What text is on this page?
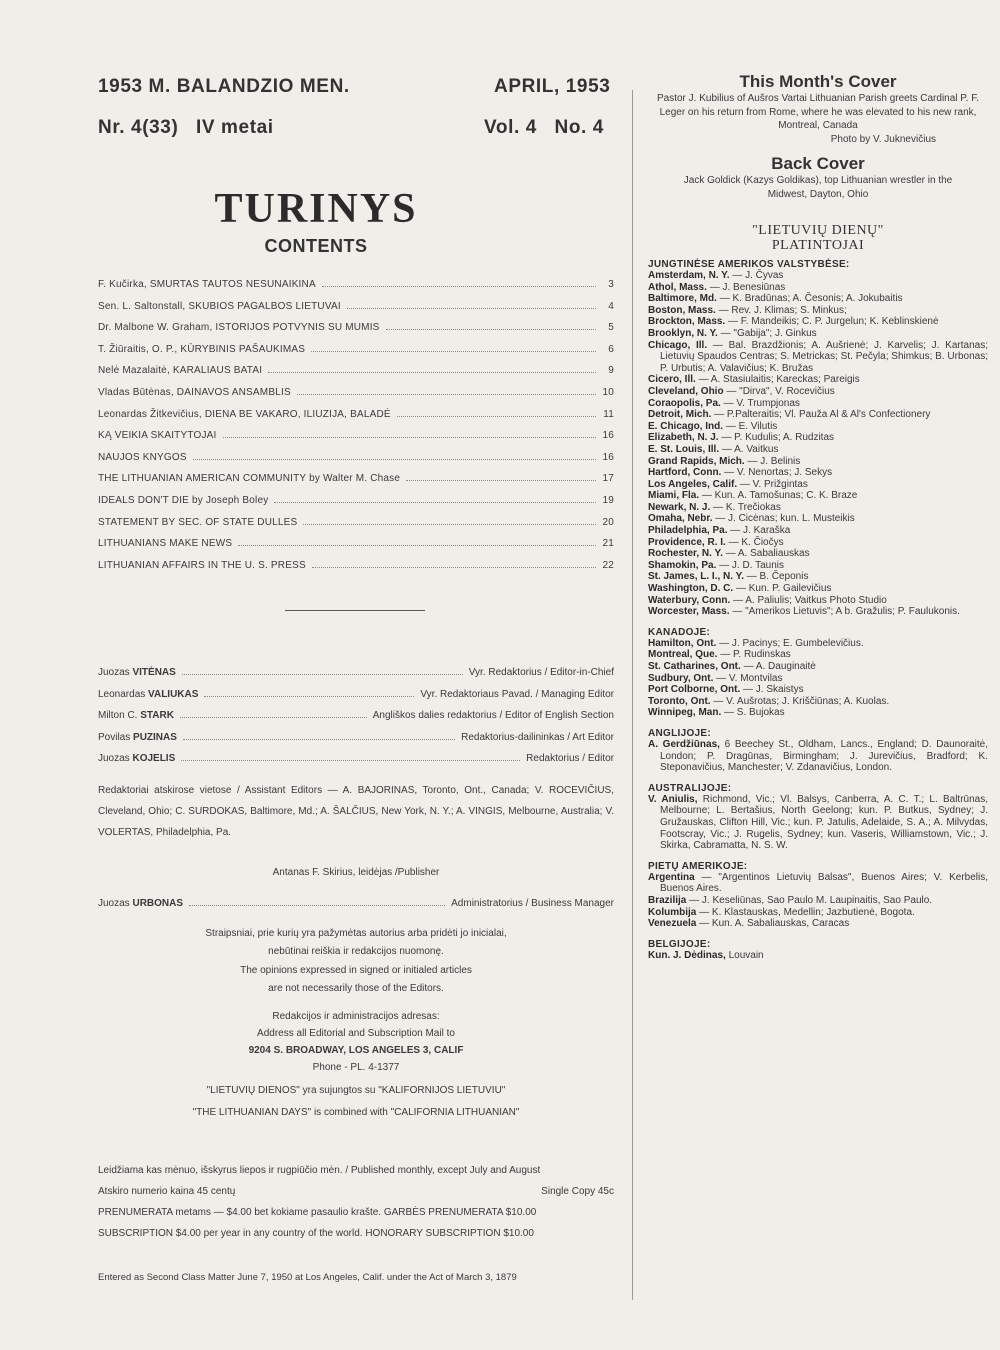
1953 M. BALANDZIO MEN.	APRIL, 1953
Nr. 4(33)   IV metai	Vol. 4   No. 4
TURINYS
CONTENTS
F. Kučirka, SMURTAS TAUTOS NESUNAIKINA	3
Sen. L. Saltonstall, SKUBIOS PAGALBOS LIETUVAI	4
Dr. Malbone W. Graham, ISTORIJOS POTVYNIS SU MUMIS	5
T. Žiūraitis, O. P., KŪRYBINIS PAŠAUKIMAS	6
Nelė Mazalaitė, KARALIAUS BATAI	9
Vladas Būtėnas, DAINAVOS ANSAMBLIS	10
Leonardas Žitkevičius, DIENA BE VAKARO, ILIUZIJA, BALADĖ	11
KĄ VEIKIA SKAITYTOJAI	16
NAUJOS KNYGOS	16
THE LITHUANIAN AMERICAN COMMUNITY by Walter M. Chase	17
IDEALS DON'T DIE by Joseph Boley	19
STATEMENT BY SEC. OF STATE DULLES	20
LITHUANIANS MAKE NEWS	21
LITHUANIAN AFFAIRS IN THE U. S. PRESS	22
Juozas VITĖNAS	Vyr. Redaktorius / Editor-in-Chief
Leonardas VALIUKAS	Vyr. Redaktoriaus Pavad. / Managing Editor
Milton C. STARK	Angliškos dalies redaktorius / Editor of English Section
Povilas PUZINAS	Redaktorius-dailininkas / Art Editor
Juozas KOJELIS	Redaktorius / Editor
Redaktoriai atskirose vietose / Assistant Editors — A. BAJORINAS, Toronto, Ont., Canada; V. ROCEVIČIUS, Cleveland, Ohio; C. SURDOKAS, Baltimore, Md.; A. ŠALČIUS, New York, N. Y.; A. VINGIS, Melbourne, Australia; V. VOLERTAS, Philadelphia, Pa.
Antanas F. Skirius, leidėjas /Publisher
Juozas URBONAS	Administratorius / Business Manager
Straipsniai, prie kurių yra pažymėtas autorius arba pridėti jo inicialai,
nebūtinai reiškia ir redakcijos nuomonę.
The opinions expressed in signed or initialed articles
are not necessarily those of the Editors.
Redakcijos ir administracijos adresas:
Address all Editorial and Subscription Mail to
9204 S. BROADWAY, LOS ANGELES 3, CALIF
Phone - PL. 4-1377
"LIETUVIŲ DIENOS" yra sujungtos su "KALIFORNIJOS LIETUVIU"
"THE LITHUANIAN DAYS" is combined with "CALIFORNIA LITHUANIAN"
Leidžiama kas mėnuo, išskyrus liepos ir rugpiūčio mėn. / Published monthly, except July and August
Atskiro numerio kaina 45 centų	Single Copy 45c
PRENUMERATA metams — $4.00 bet kokiame pasaulio krašte. GARBĖS PRENUMERATA $10.00
SUBSCRIPTION $4.00 per year in any country of the world. HONORARY SUBSCRIPTION $10.00
Entered as Second Class Matter June 7, 1950 at Los Angeles, Calif. under the Act of March 3, 1879
This Month's Cover
Pastor J. Kubilius of Aušros Vartai Lithuanian Parish greets Cardinal P. F. Leger on his return from Rome, where he was elevated to his new rank, Montreal, Canada
Photo by V. Juknevičius
Back Cover
Jack Goldick (Kazys Goldikas), top Lithuanian wrestler in the Midwest, Dayton, Ohio
"LIETUVIŲ DIENŲ"
PLATINTOJAI
JUNGTINĖSE AMERIKOS VALSTYBĖSE:
Amsterdam, N. Y. — J. Čyvas
Athol, Mass. — J. Benesiūnas
Baltimore, Md. — K. Bradūnas; A. Česonis; A. Jokubaitis
Boston, Mass. — Rev. J. Klimas; S. Minkus;
Brockton, Mass. — F. Mandeikis; C. P. Jurgelun; K. Keblinskienė
Brooklyn, N. Y. — "Gabija"; J. Ginkus
Chicago, Ill. — Bal. Brazdžionis; A. Aušrienė; J. Karvelis; J. Kartanas; Lietuvių Spaudos Centras; S. Metrickas; St. Pečyla; Shimkus; B. Urbonas; P. Urbutis; A. Valavičius; K. Bružas
Cicero, Ill. — A. Stasiulaitis; Kareckas; Pareigis
Cleveland, Ohio — "Dirva", V. Rocevičius
Coraopolis, Pa. — V. Trumpjonas
Detroit, Mich. — P.Palteraitis; Vl. Pauža Al & Al's Confectionery
E. Chicago, Ind. — E. Vilutis
Elizabeth, N. J. — P. Kudulis; A. Rudzitas
E. St. Louis, Ill. — A. Vaitkus
Grand Rapids, Mich. — J. Belinis
Hartford, Conn. — V. Nenortas; J. Sekys
Los Angeles, Calif. — V. Prižgintas
Miami, Fla. — Kun. A. Tamošunas; C. K. Braze
Newark, N. J. — K. Trečiokas
Omaha, Nebr. — J. Cicėnas; kun. L. Musteikis
Philadelphia, Pa. — J. Karaška
Providence, R. I. — K. Čiočys
Rochester, N. Y. — A. Sabaliauskas
Shamokin, Pa. — J. D. Taunis
St. James, L. I., N. Y. — B. Čeponis
Washington, D. C. — Kun. P. Gailevičius
Waterbury, Conn. — A. Paliulis; Vaitkus Photo Studio
Worcester, Mass. — "Amerikos Lietuvis"; A b. Gražulis; P. Faulukonis.
KANADOJE:
Hamilton, Ont. — J. Pacinys; E. Gumbelevičius.
Montreal, Que. — P. Rudinskas
St. Catharines, Ont. — A. Dauginaitė
Sudbury, Ont. — V. Montvilas
Port Colborne, Ont. — J. Skaistys
Toronto, Ont. — V. Aušrotas; J. Kriščiūnas; A. Kuolas.
Winnipeg, Man. — S. Bujokas
ANGLIJOJE:
A. Gerdžiūnas, 6 Beechey St., Oldham, Lancs., England; D. Daunoraitė, London; P. Dragūnas, Birmingham; J. Jurevičius, Bradford; K. Steponavičius, Manchester; V. Zdanavičius, London.
AUSTRALIJOJE:
V. Aniulis, Richmond, Vic.; Vl. Balsys, Canberra, A. C. T.; L. Baltrūnas, Melbourne; L. Bertašius, North Geelong; kun. P. Butkus, Sydney; J. Gružauskas, Clifton Hill, Vic.; kun. P. Jatulis, Adelaide, S. A.; A. Milvydas, Footscray, Vic.; J. Rugelis, Sydney; kun. Vaseris, Williamstown, Vic.; J. Skirka, Cabramatta, N. S. W.
PIETŲ AMERIKOJE:
Argentina — "Argentinos Lietuvių Balsas", Buenos Aires; V. Kerbelis, Buenos Aires.
Brazilija — J. Keseliūnas, Sao Paulo M. Laupinaitis, Sao Paulo.
Kolumbija — K. Klastauskas, Medellin; Jazbutienė, Bogota.
Venezuela — Kun. A. Sabaliauskas, Caracas
BELGIJOJE:
Kun. J. Dėdinas, Louvain
